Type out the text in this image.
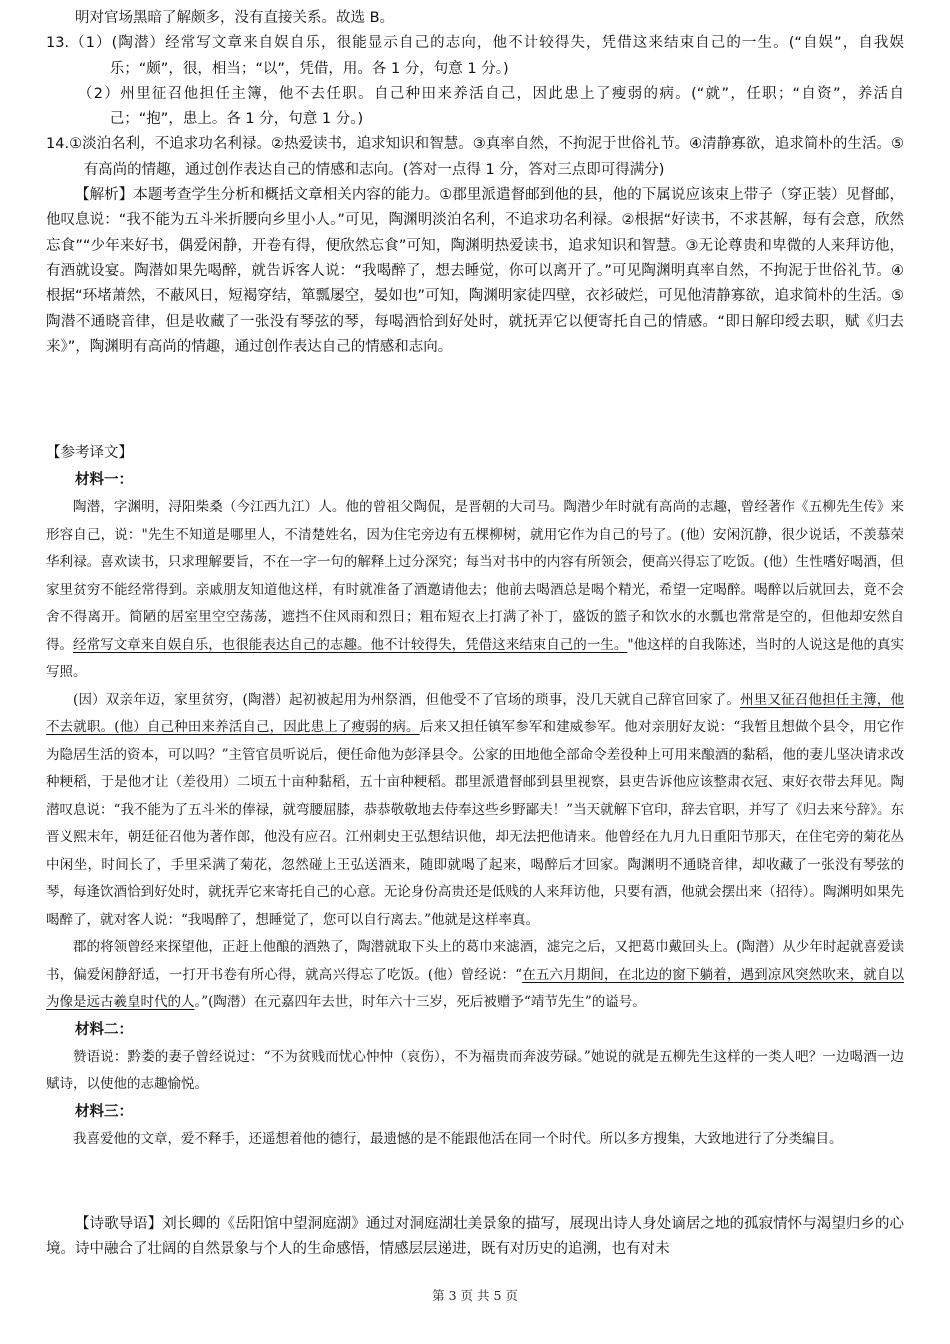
明对官场黑暗了解颇多，没有直接关系。故选 B。

13.（1）(陶潜）经常写文章来自娱自乐，很能显示自己的志向，他不计较得失，凭借这来结束自己的一生。(“自娱”，自我娱乐；“颇”，很，相当；“以”，凭借，用。各 1 分，句意 1 分。)

（2）州里征召他担任主簿，他不去任职。自己种田来养活自己，因此患上了瘦弱的病。(“就”，任职；“自资”，养活自己；“抱”，患上。各 1 分，句意 1 分。)

14.①淡泊名利，不追求功名利禄。②热爱读书，追求知识和智慧。③真率自然，不拘泥于世俗礼节。④清静寡欲，追求简朴的生活。⑤有高尚的情趣，通过创作表达自己的情感和志向。(答对一点得 1 分，答对三点即可得满分)

【解析】本题考查学生分析和概括文章相关内容的能力。①郡里派遣督邮到他的县，他的下属说应该束上带子（穿正装）见督邮，他叹息说：“我不能为五斗米折腰向乡里小人。”可见，陶渊明淡泊名利，不追求功名利禄。②根据“好读书，不求甚解，每有会意，欣然忘食”“少年来好书，偶爱闲静，开卷有得，便欣然忘食”可知，陶渊明热爱读书，追求知识和智慧。③无论尊贵和卑微的人来拜访他，有酒就设宴。陶潜如果先喝醉，就告诉客人说：“我喝醉了，想去睡觉，你可以离开了。”可见陶渊明真率自然，不拘泥于世俗礼节。④根据“环堵萧然，不蔽风日，短褐穿结，箪瓢屡空，晏如也”可知，陶渊明家徒四壁，衣衫破烂，可见他清静寡欲，追求简朴的生活。⑤陶潜不通晓音律，但是收藏了一张没有琴弦的琴，每喝酒恰到好处时，就抚弄它以便寄托自己的情感。“即日解印绶去职，赋《归去来》”，陶渊明有高尚的情趣，通过创作表达自己的情感和志向。

【参考译文】

材料一：

陶潜，字渊明，浔阳柴桑（今江西九江）人。他的曾祖父陶侃，是晋朝的大司马。陶潜少年时就有高尚的志趣，曾经著作《五柳先生传》来形容自己，说："先生不知道是哪里人，不清楚姓名，因为住宅旁边有五棵柳树，就用它作为自己的号了。(他）安闲沉静，很少说话，不羡慕荣华利禄。喜欢读书，只求理解要旨，不在一字一句的解释上过分深究；每当对书中的内容有所领会，便高兴得忘了吃饭。(他）生性嗜好喝酒，但家里贫穷不能经常得到。亲戚朋友知道他这样，有时就准备了酒邀请他去；他前去喝酒总是喝个精光，希望一定喝醉。喝醉以后就回去，竟不会舍不得离开。简陋的居室里空空荡荡，遮挡不住风雨和烈日；粗布短衣上打满了补丁，盛饭的篮子和饮水的水瓢也常常是空的，但他却安然自得。经常写文章来自娱自乐，也很能表达自己的志趣。他不计较得失，凭借这来结束自己的一生。"他这样的自我陈述，当时的人说这是他的真实写照。

(因）双亲年迈，家里贫穷，(陶潜）起初被起用为州祭酒，但他受不了官场的琐事，没几天就自己辞官回家了。州里又征召他担任主簿，他不去就职。(他）自己种田来养活自己，因此患上了瘦弱的病。后来又担任镇军参军和建威参军。他对亲朋好友说：“我暂且想做个县令，用它作为隐居生活的资本，可以吗？”主管官员听说后，便任命他为彭泽县令。公家的田地他全部命令差役种上可用来酿酒的黏稻，他的妻儿坚决请求改种粳稻，于是他才让（差役用）二顷五十亩种黏稻，五十亩种粳稻。郡里派遣督邮到县里视察，县吏告诉他应该整肃衣冠、束好衣带去拜见。陶潜叹息说：“我不能为了五斗米的俸禄，就弯腰屈膝，恭恭敬敬地去侍奉这些乡野鄙夫！”当天就解下官印，辞去官职，并写了《归去来兮辞》。东晋义熙末年，朝廷征召他为著作郎，他没有应召。江州刺史王弘想结识他，却无法把他请来。他曾经在九月九日重阳节那天，在住宅旁的菊花丛中闲坐，时间长了，手里采满了菊花，忽然碰上王弘送酒来，随即就喝了起来，喝醉后才回家。陶渊明不通晓音律，却收藏了一张没有琴弦的琴，每逢饮酒恰到好处时，就抚弄它来寄托自己的心意。无论身份高贵还是低贱的人来拜访他，只要有酒，他就会摆出来（招待）。陶渊明如果先喝醉了，就对客人说：“我喝醉了，想睡觉了，您可以自行离去。”他就是这样率真。

郡的将领曾经来探望他，正赶上他酿的酒熟了，陶潜就取下头上的葛巾来滤酒，滤完之后，又把葛巾戴回头上。(陶潜）从少年时起就喜爱读书，偏爱闲静舒适，一打开书卷有所心得，就高兴得忘了吃饭。(他）曾经说：“在五六月期间，在北边的窗下躺着，遇到凉风突然吹来，就自以为像是远古羲皇时代的人。”(陶潜）在元嘉四年去世，时年六十三岁，死后被赠予“靖节先生”的谥号。

材料二：

赞语说：黔娄的妻子曾经说过：“不为贫贱而忧心忡忡（哀伤），不为福贵而奔波劳碌。”她说的就是五柳先生这样的一类人吧？一边喝酒一边赋诗，以使他的志趣愉悦。

材料三：

我喜爱他的文章，爱不释手，还遥想着他的德行，最遗憾的是不能跟他活在同一个时代。所以多方搜集，大致地进行了分类编目。

【诗歌导语】刘长卿的《岳阳馆中望洞庭湖》通过对洞庭湖壮美景象的描写，展现出诗人身处谪居之地的孤寂情怀与渴望归乡的心境。诗中融合了壮阔的自然景象与个人的生命感悟，情感层层递进，既有对历史的追溯，也有对未

第 3 页 共 5 页
